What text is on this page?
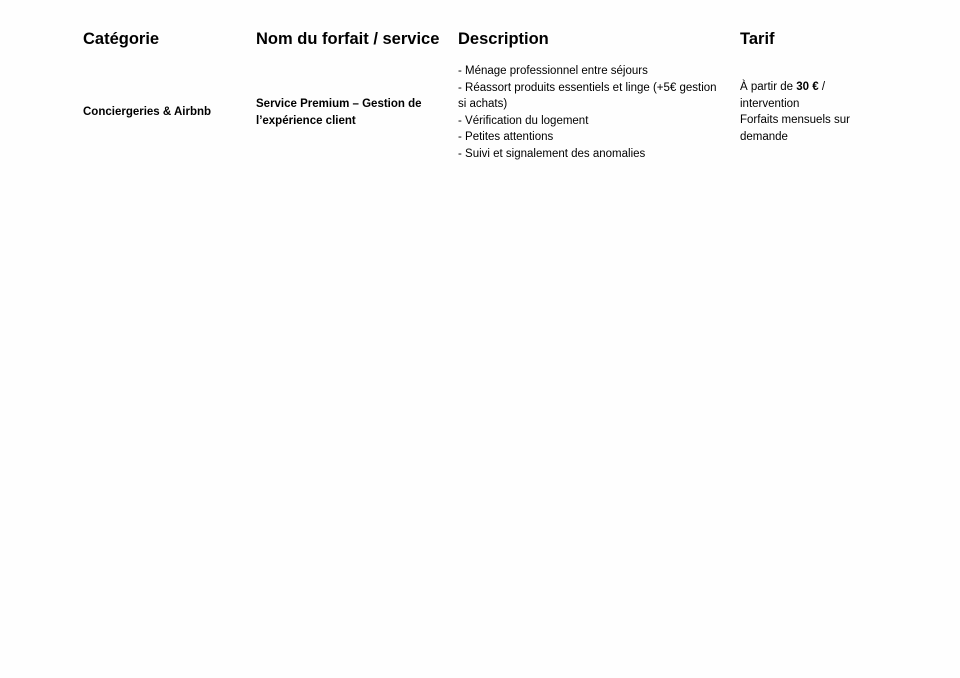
Catégorie	Nom du forfait / service Description	Tarif
Conciergeries & Airbnb
Service Premium – Gestion de l’expérience client
- Ménage professionnel entre séjours
- Réassort produits essentiels et linge (+5€ gestion si achats)
- Vérification du logement
- Petites attentions
- Suivi et signalement des anomalies
À partir de 30 € / intervention
Forfaits mensuels sur demande
